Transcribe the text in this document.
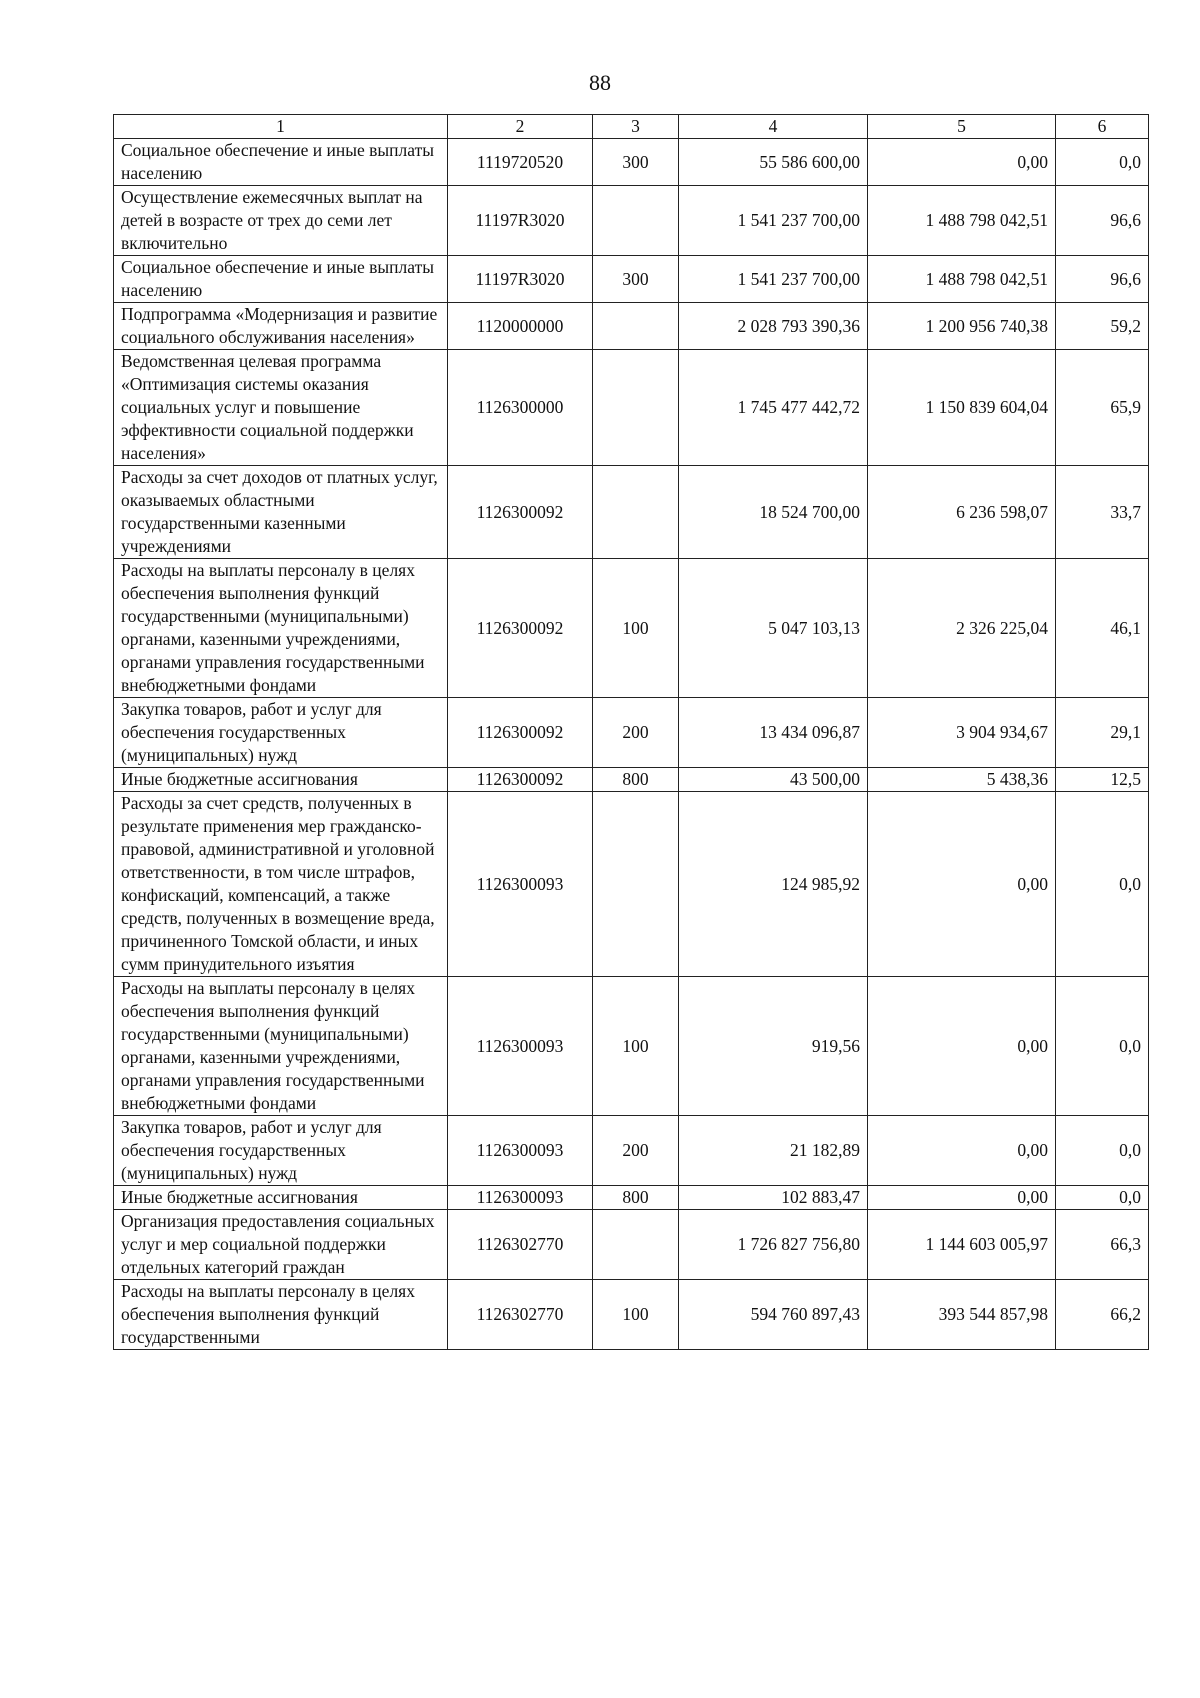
88
1	2	3	4	5	6
Социальное обеспечение и иные выплаты населению	1119720520	300	55 586 600,00	0,00	0,0
Осуществление ежемесячных выплат на детей в возрасте от трех до семи лет включительно	11197R3020		1 541 237 700,00	1 488 798 042,51	96,6
Социальное обеспечение и иные выплаты населению	11197R3020	300	1 541 237 700,00	1 488 798 042,51	96,6
Подпрограмма «Модернизация и развитие социального обслуживания населения»	1120000000		2 028 793 390,36	1 200 956 740,38	59,2
Ведомственная целевая программа «Оптимизация системы оказания социальных услуг и повышение эффективности социальной поддержки населения»	1126300000		1 745 477 442,72	1 150 839 604,04	65,9
Расходы за счет доходов от платных услуг, оказываемых областными государственными казенными учреждениями	1126300092		18 524 700,00	6 236 598,07	33,7
Расходы на выплаты персоналу в целях обеспечения выполнения функций государственными (муниципальными) органами, казенными учреждениями, органами управления государственными внебюджетными фондами	1126300092	100	5 047 103,13	2 326 225,04	46,1
Закупка товаров, работ и услуг для обеспечения государственных (муниципальных) нужд	1126300092	200	13 434 096,87	3 904 934,67	29,1
Иные бюджетные ассигнования	1126300092	800	43 500,00	5 438,36	12,5
Расходы за счет средств, полученных в результате применения мер гражданско-правовой, административной и уголовной ответственности, в том числе штрафов, конфискаций, компенсаций, а также средств, полученных в возмещение вреда, причиненного Томской области, и иных сумм принудительного изъятия	1126300093		124 985,92	0,00	0,0
Расходы на выплаты персоналу в целях обеспечения выполнения функций государственными (муниципальными) органами, казенными учреждениями, органами управления государственными внебюджетными фондами	1126300093	100	919,56	0,00	0,0
Закупка товаров, работ и услуг для обеспечения государственных (муниципальных) нужд	1126300093	200	21 182,89	0,00	0,0
Иные бюджетные ассигнования	1126300093	800	102 883,47	0,00	0,0
Организация предоставления социальных услуг и мер социальной поддержки отдельных категорий граждан	1126302770		1 726 827 756,80	1 144 603 005,97	66,3
Расходы на выплаты персоналу в целях обеспечения выполнения функций государственными	1126302770	100	594 760 897,43	393 544 857,98	66,2
